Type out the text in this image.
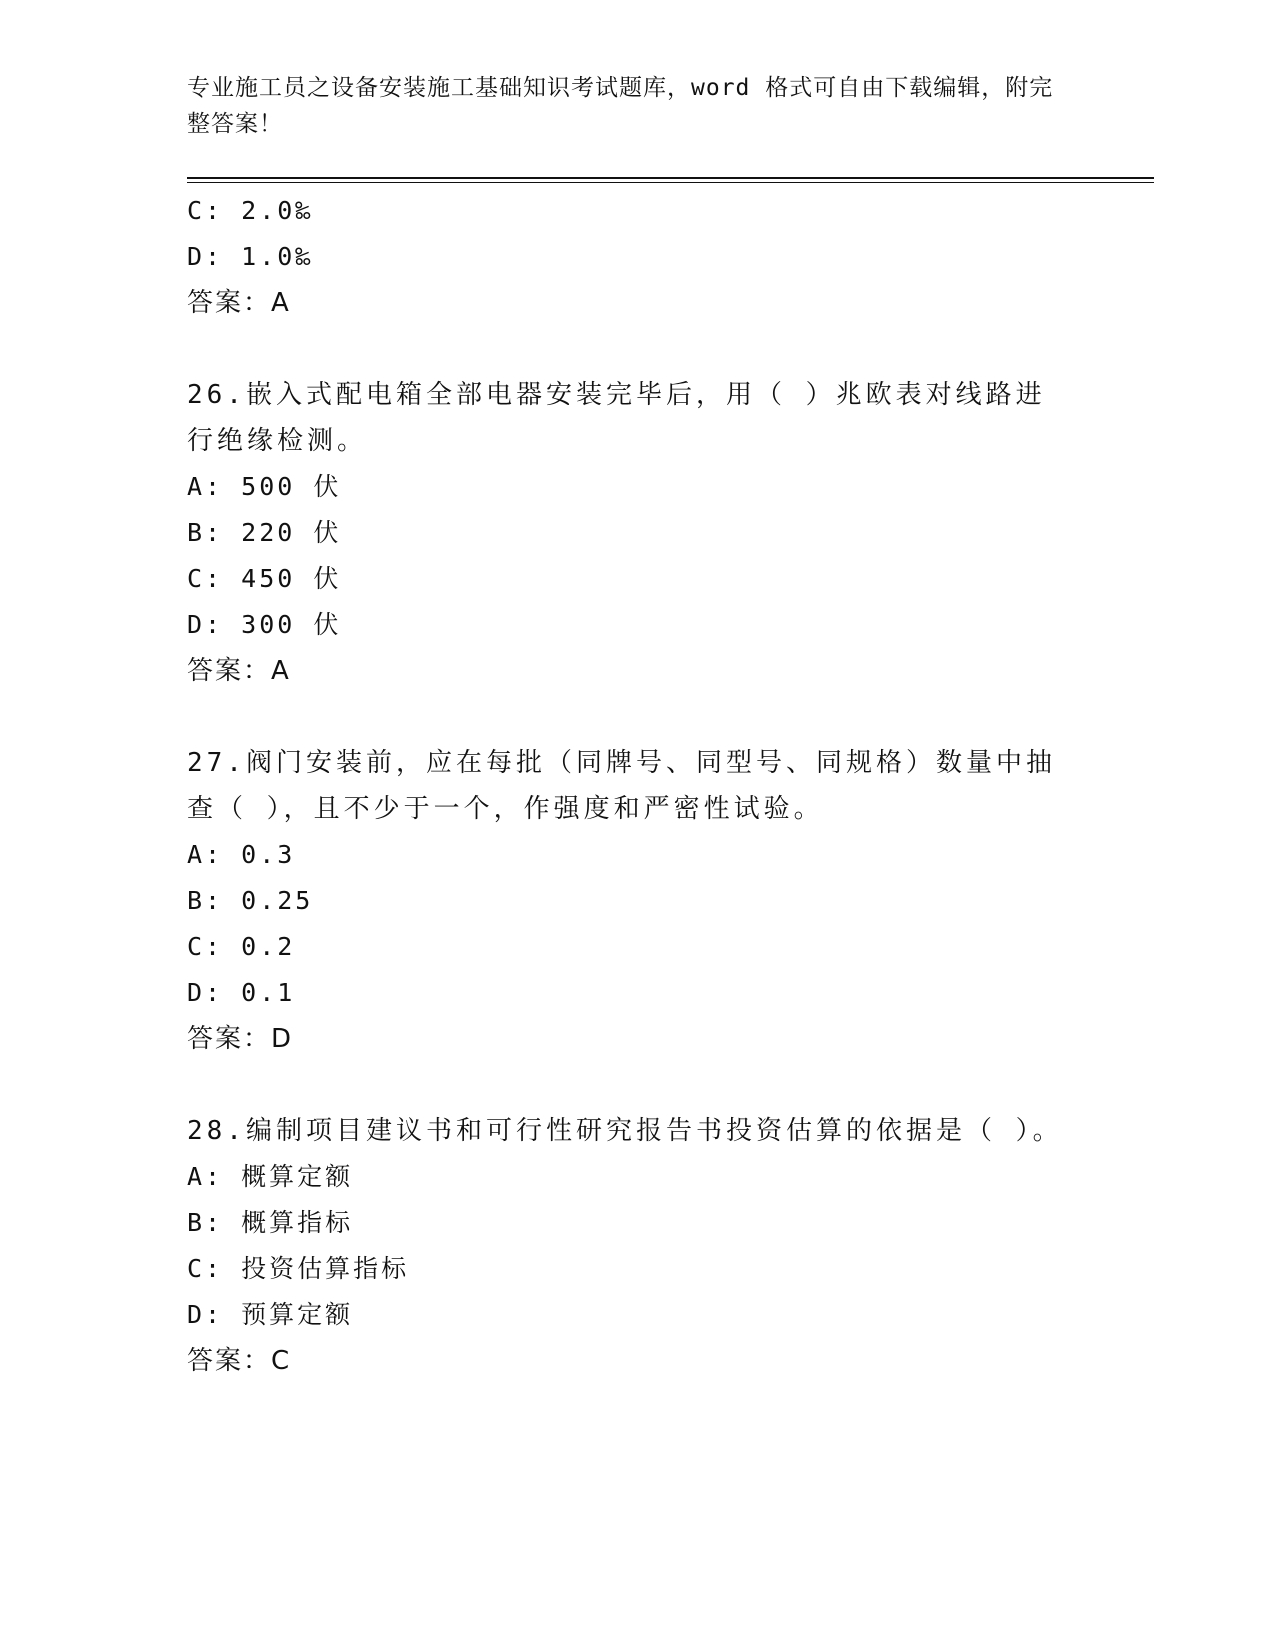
专业施工员之设备安装施工基础知识考试题库，word 格式可自由下载编辑，附完整答案！
C: 2.0‰
D: 1.0‰
答案：A
26.嵌入式配电箱全部电器安装完毕后，用（ ）兆欧表对线路进行绝缘检测。
A: 500 伏
B: 220 伏
C: 450 伏
D: 300 伏
答案：A
27.阀门安装前，应在每批（同牌号、同型号、同规格）数量中抽查（ ），且不少于一个，作强度和严密性试验。
A: 0.3
B: 0.25
C: 0.2
D: 0.1
答案：D
28.编制项目建议书和可行性研究报告书投资估算的依据是（ ）。
A: 概算定额
B: 概算指标
C: 投资估算指标
D: 预算定额
答案：C
